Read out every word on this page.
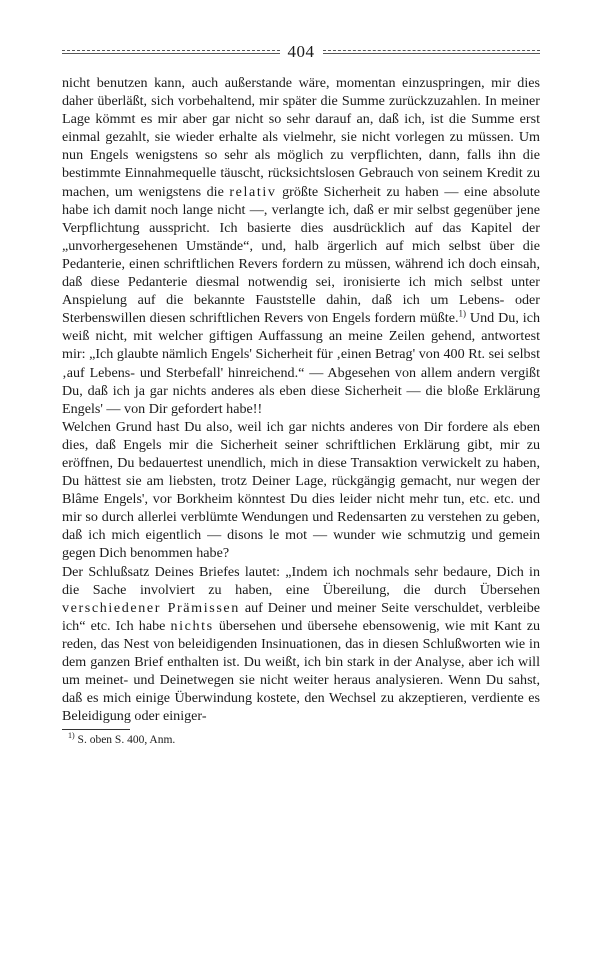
404

nicht benutzen kann, auch außerstande wäre, momentan einzuspringen, mir dies daher überläßt, sich vorbehaltend, mir später die Summe zurückzuzahlen. In meiner Lage kömmt es mir aber gar nicht so sehr darauf an, daß ich, ist die Summe erst einmal gezahlt, sie wieder erhalte als vielmehr, sie nicht vorlegen zu müssen. Um nun Engels wenigstens so sehr als möglich zu verpflichten, dann, falls ihn die bestimmte Einnahmequelle täuscht, rücksichtslosen Gebrauch von seinem Kredit zu machen, um wenigstens die relativ größte Sicherheit zu haben — eine absolute habe ich damit noch lange nicht —, verlangte ich, daß er mir selbst gegenüber jene Verpflichtung ausspricht. Ich basierte dies ausdrücklich auf das Kapitel der „unvorhergesehenen Umstände“, und, halb ärgerlich auf mich selbst über die Pedanterie, einen schriftlichen Revers fordern zu müssen, während ich doch einsah, daß diese Pedanterie diesmal notwendig sei, ironisierte ich mich selbst unter Anspielung auf die bekannte Fauststelle dahin, daß ich um Lebens- oder Sterbenswillen diesen schriftlichen Revers von Engels fordern müßte.$^{1)}$ Und Du, ich weiß nicht, mit welcher giftigen Auffassung an meine Zeilen gehend, antwortest mir: „Ich glaubte nämlich Engels' Sicherheit für ‚einen Betrag' von 400 Rt. sei selbst ‚auf Lebens- und Sterbefall' hinreichend.“ — Abgesehen von allem andern vergißt Du, daß ich ja gar nichts anderes als eben diese Sicherheit — die bloße Erklärung Engels' — von Dir gefordert habe!!

Welchen Grund hast Du also, weil ich gar nichts anderes von Dir fordere als eben dies, daß Engels mir die Sicherheit seiner schriftlichen Erklärung gibt, mir zu eröffnen, Du bedauertest unendlich, mich in diese Transaktion verwickelt zu haben, Du hättest sie am liebsten, trotz Deiner Lage, rückgängig gemacht, nur wegen der Blâme Engels', vor Borkheim könntest Du dies leider nicht mehr tun, etc. etc. und mir so durch allerlei verblümte Wendungen und Redensarten zu verstehen zu geben, daß ich mich eigentlich — disons le mot — wunder wie schmutzig und gemein gegen Dich benommen habe?

Der Schlußsatz Deines Briefes lautet: „Indem ich nochmals sehr bedaure, Dich in die Sache involviert zu haben, eine Übereilung, die durch Übersehen verschiedener Prämissen auf Deiner und meiner Seite verschuldet, verbleibe ich“ etc. Ich habe nichts übersehen und übersehe ebensowenig, wie mit Kant zu reden, das Nest von beleidigenden Insinuationen, das in diesen Schlußworten wie in dem ganzen Brief enthalten ist. Du weißt, ich bin stark in der Analyse, aber ich will um meinet- und Deinetwegen sie nicht weiter heraus analysieren. Wenn Du sahst, daß es mich einige Überwindung kostete, den Wechsel zu akzeptieren, verdiente es Beleidigung oder einiger-

$^{1)}$ S. oben S. 400, Anm.
